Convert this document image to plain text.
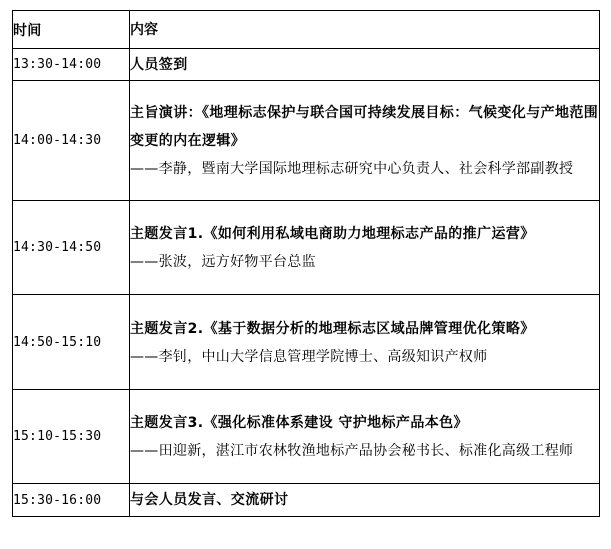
时间	内容
13:30-14:00	人员签到

14:00-14:30	主旨演讲：《地理标志保护与联合国可持续发展目标：气候变化与产地范围变更的内在逻辑》
——李静，暨南大学国际地理标志研究中心负责人、社会科学部副教授

14:30-14:50	主题发言1.《如何利用私域电商助力地理标志产品的推广运营》
——张波，远方好物平台总监

14:50-15:10	主题发言2.《基于数据分析的地理标志区域品牌管理优化策略》
——李钊，中山大学信息管理学院博士、高级知识产权师

15:10-15:30	主题发言3.《强化标准体系建设 守护地标产品本色》
——田迎新，湛江市农林牧渔地标产品协会秘书长、标准化高级工程师

15:30-16:00	与会人员发言、交流研讨
